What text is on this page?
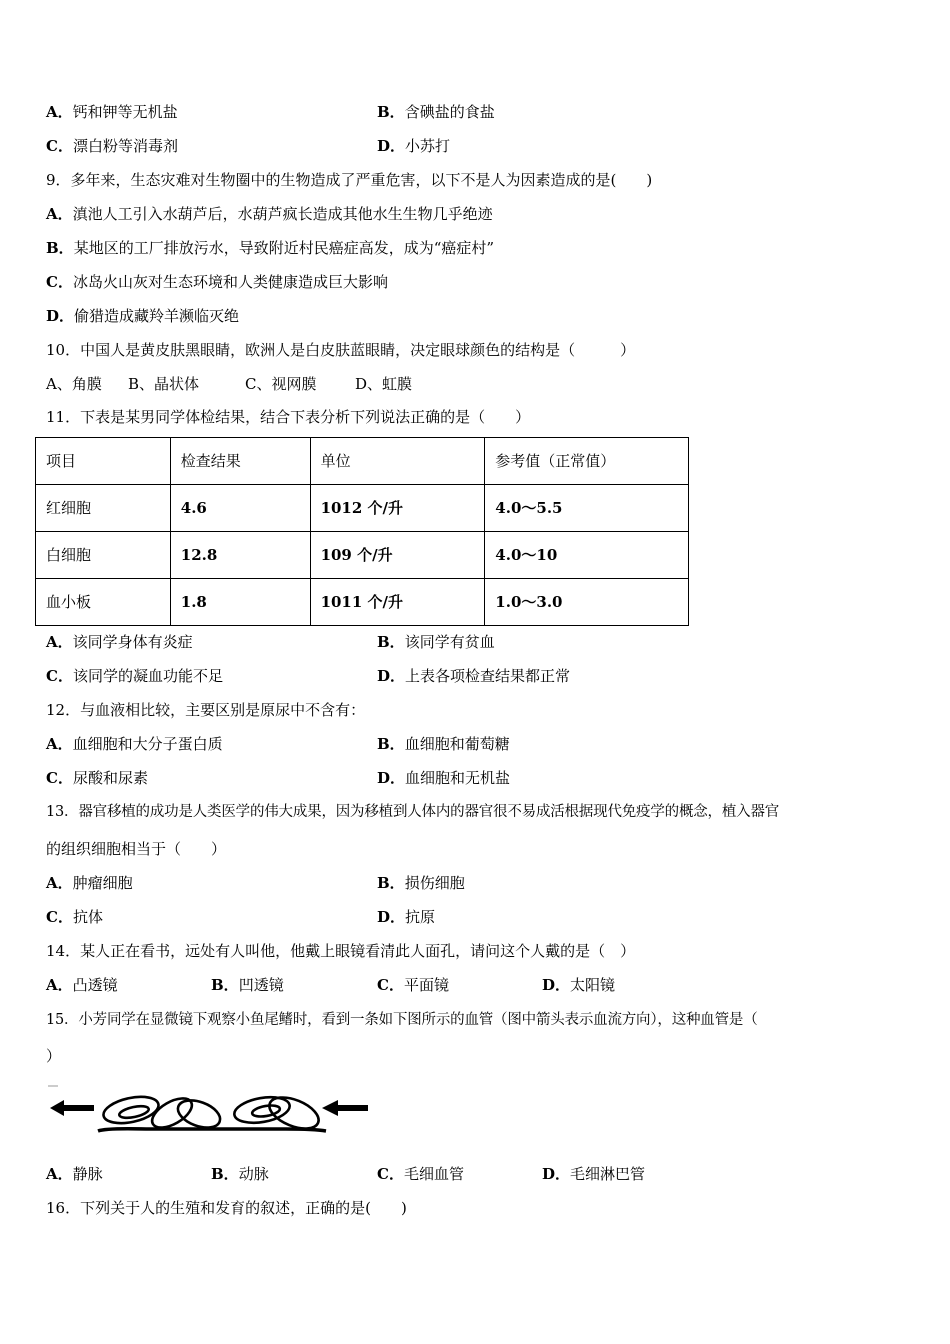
A．钙和钾等无机盐	B．含碘盐的食盐
C．漂白粉等消毒剂	D．小苏打
9．多年来，生态灾难对生物圈中的生物造成了严重危害，以下不是人为因素造成的是(　　)
A．滇池人工引入水葫芦后，水葫芦疯长造成其他水生生物几乎绝迹
B．某地区的工厂排放污水，导致附近村民癌症高发，成为“癌症村”
C．冰岛火山灰对生态环境和人类健康造成巨大影响
D．偷猎造成藏羚羊濒临灭绝
10．中国人是黄皮肤黑眼睛，欧洲人是白皮肤蓝眼睛，决定眼球颜色的结构是（　　　）
A、角膜 B、晶状体	C、视网膜	D、虹膜
11．下表是某男同学体检结果，结合下表分析下列说法正确的是（　　）
项目	检查结果	单位	参考值（正常值）
红细胞	4.6	1012 个/升	4.0～5.5
白细胞	12.8	109 个/升	4.0～10
血小板	1.8	1011 个/升	1.0～3.0
A．该同学身体有炎症	B．该同学有贫血
C．该同学的凝血功能不足	D．上表各项检查结果都正常
12．与血液相比较，主要区别是原尿中不含有：
A．血细胞和大分子蛋白质	B．血细胞和葡萄糖
C．尿酸和尿素	D．血细胞和无机盐
13．器官移植的成功是人类医学的伟大成果，因为移植到人体内的器官很不易成活根据现代免疫学的概念，植入器官
的组织细胞相当于（　　）
A．肿瘤细胞	B．损伤细胞
C．抗体	D．抗原
14．某人正在看书，远处有人叫他，他戴上眼镜看清此人面孔，请问这个人戴的是（　）
A．凸透镜	B．凹透镜	C．平面镜	D．太阳镜
15．小芳同学在显微镜下观察小鱼尾鳍时，看到一条如下图所示的血管（图中箭头表示血流方向），这种血管是（
）
A．静脉	B．动脉	C．毛细血管	D．毛细淋巴管
16．下列关于人的生殖和发育的叙述，正确的是(　　)
